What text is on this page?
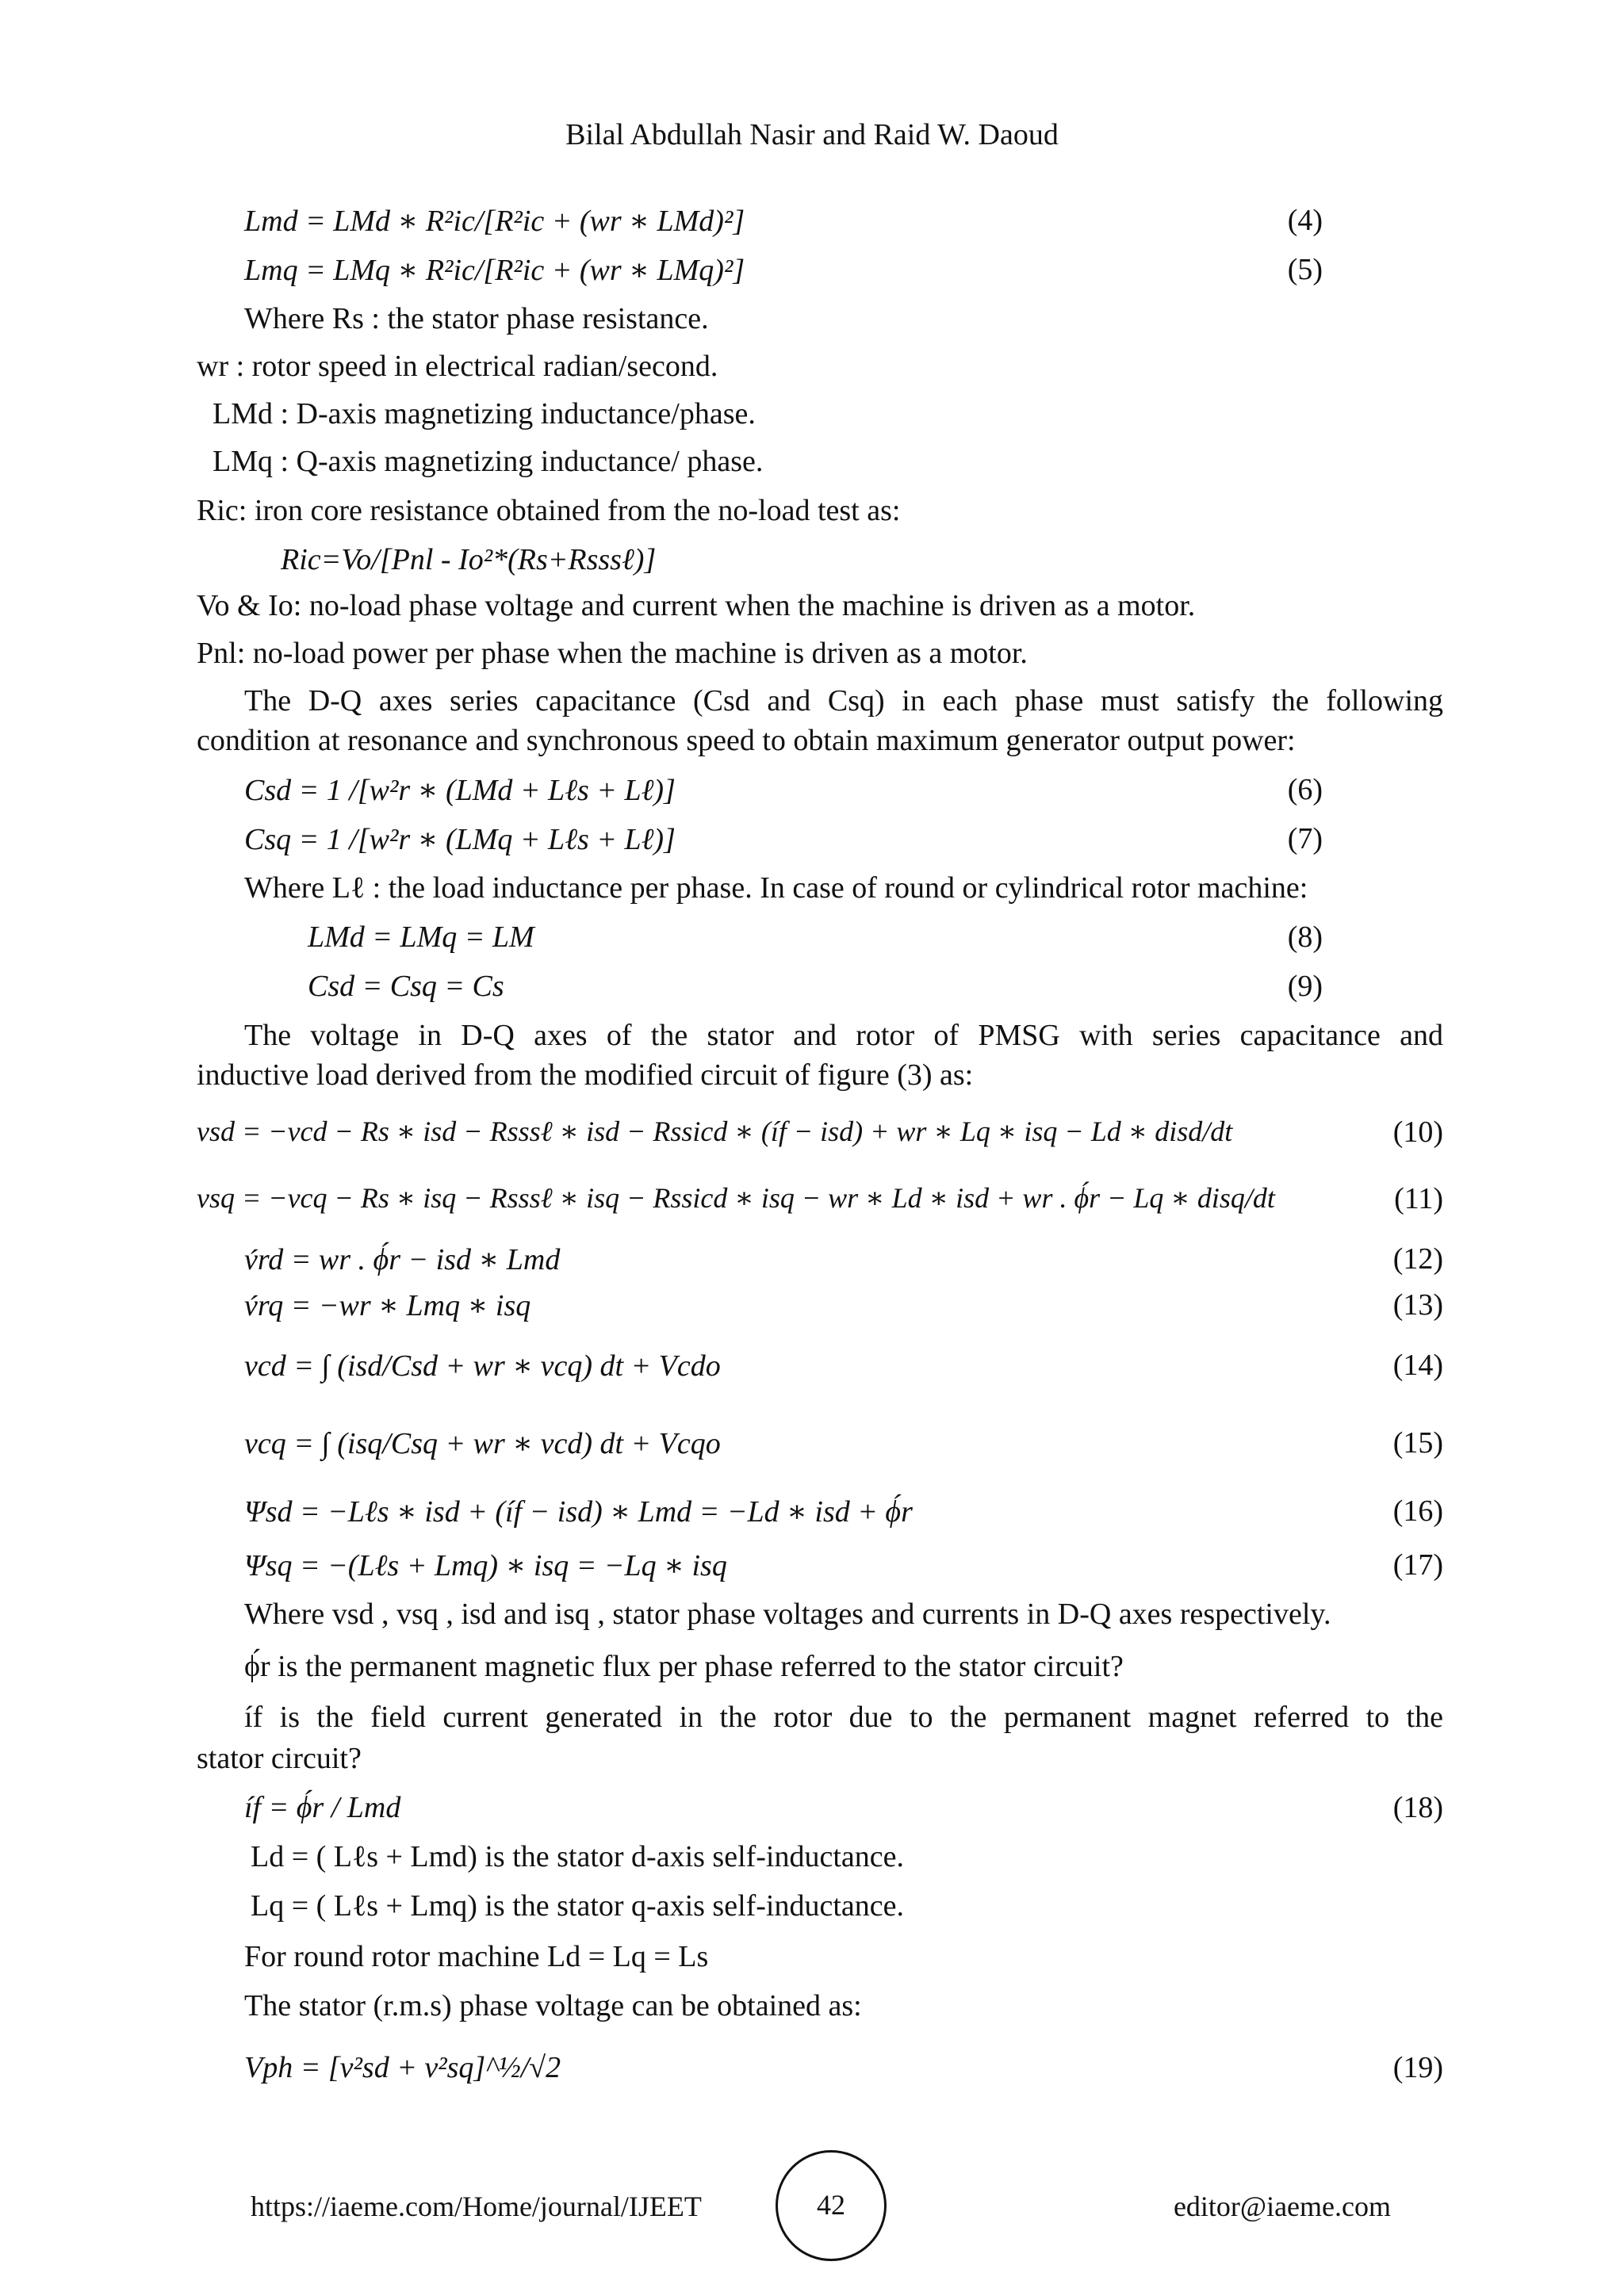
Bilal Abdullah Nasir and Raid W. Daoud
Lmd = LMd ∗ R²ic/[R²ic + (wr ∗ LMd)²]	(4)
Lmq = LMq ∗ R²ic/[R²ic + (wr ∗ LMq)²]	(5)
Where Rs : the stator phase resistance.
wr : rotor speed in electrical radian/second.
LMd : D-axis magnetizing inductance/phase.
LMq : Q-axis magnetizing inductance/ phase.
Ric: iron core resistance obtained from the no-load test as:
Ric=Vo/[Pnl - Io²*(Rs+Rsssℓ)]
Vo & Io: no-load phase voltage and current when the machine is driven as a motor.
Pnl: no-load power per phase when the machine is driven as a motor.
The D-Q axes series capacitance (Csd and Csq) in each phase must satisfy the following
condition at resonance and synchronous speed to obtain maximum generator output power:
Csd = 1 /[w²r ∗ (LMd + Lℓs + Lℓ)]	(6)
Csq = 1 /[w²r ∗ (LMq + Lℓs + Lℓ)]	(7)
Where Lℓ : the load inductance per phase. In case of round or cylindrical rotor machine:
LMd = LMq = LM	(8)
Csd = Csq = Cs	(9)
The voltage in D-Q axes of the stator and rotor of PMSG with series capacitance and
inductive load derived from the modified circuit of figure (3) as:
vsd = −vcd − Rs ∗ isd − Rsssℓ ∗ isd − Rssicd ∗ (íf − isd) + wr ∗ Lq ∗ isq − Ld ∗ disd/dt	(10)
vsq = −vcq − Rs ∗ isq − Rsssℓ ∗ isq − Rssicd ∗ isq − wr ∗ Ld ∗ isd + wr . ϕ́r − Lq ∗ disq/dt	(11)
v́rd = wr . ϕ́r − isd ∗ Lmd	(12)
v́rq = −wr ∗ Lmq ∗ isq	(13)
vcd = ∫ (isd/Csd + wr ∗ vcq) dt + Vcdo	(14)
vcq = ∫ (isq/Csq + wr ∗ vcd) dt + Vcqo	(15)
Ψsd = −Lℓs ∗ isd + (íf − isd) ∗ Lmd = −Ld ∗ isd + ϕ́r	(16)
Ψsq = −(Lℓs + Lmq) ∗ isq = −Lq ∗ isq	(17)
Where vsd , vsq , isd and isq , stator phase voltages and currents in D-Q axes respectively.
ϕ́r is the permanent magnetic flux per phase referred to the stator circuit?
íf is the field current generated in the rotor due to the permanent magnet referred to the
stator circuit?
íf = ϕ́r / Lmd	(18)
Ld = ( Lℓs + Lmd) is the stator d-axis self-inductance.
Lq = ( Lℓs + Lmq) is the stator q-axis self-inductance.
For round rotor machine Ld = Lq = Ls
The stator (r.m.s) phase voltage can be obtained as:
Vph = [v²sd + v²sq]^½/√2	(19)
https://iaeme.com/Home/journal/IJEET	42	editor@iaeme.com
